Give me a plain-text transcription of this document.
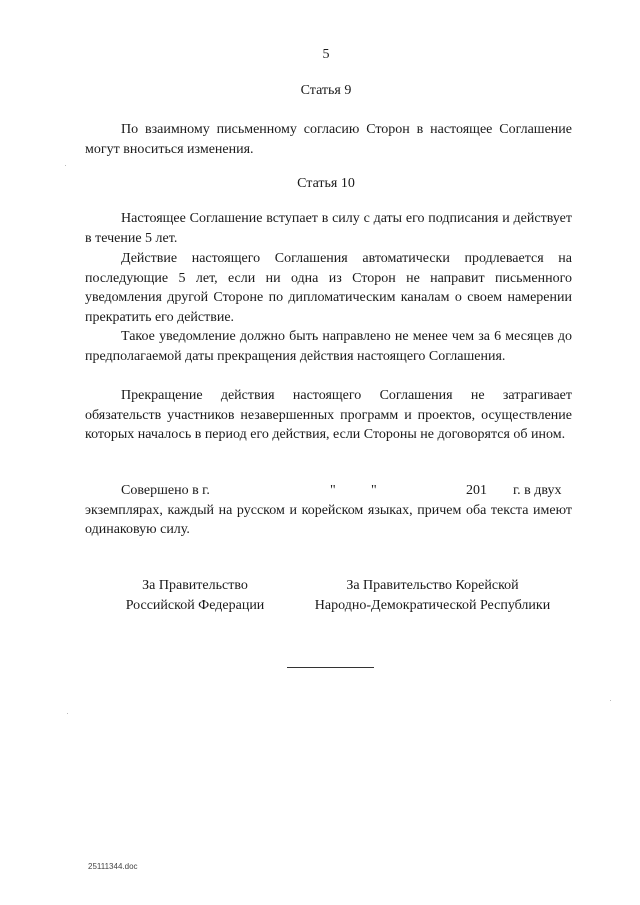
5
Статья 9

По взаимному письменному согласию Сторон в настоящее Соглашение могут вноситься изменения.

Статья 10

Настоящее Соглашение вступает в силу с даты его подписания и действует в течение 5 лет.

Действие настоящего Соглашения автоматически продлевается на последующие 5 лет, если ни одна из Сторон не направит письменного уведомления другой Стороне по дипломатическим каналам о своем намерении прекратить его действие.

Такое уведомление должно быть направлено не менее чем за 6 месяцев до предполагаемой даты прекращения действия настоящего Соглашения.

Прекращение действия настоящего Соглашения не затрагивает обязательств участников незавершенных программ и проектов, осуществление которых началось в период его действия, если Стороны не договорятся об ином.

Совершено в г.	"	"	201 г. в двух
экземплярах, каждый на русском и корейском языках, причем оба текста имеют одинаковую силу.
За Правительство
Российской Федерации
За Правительство Корейской
Народно-Демократической Республики
25111344.doc
